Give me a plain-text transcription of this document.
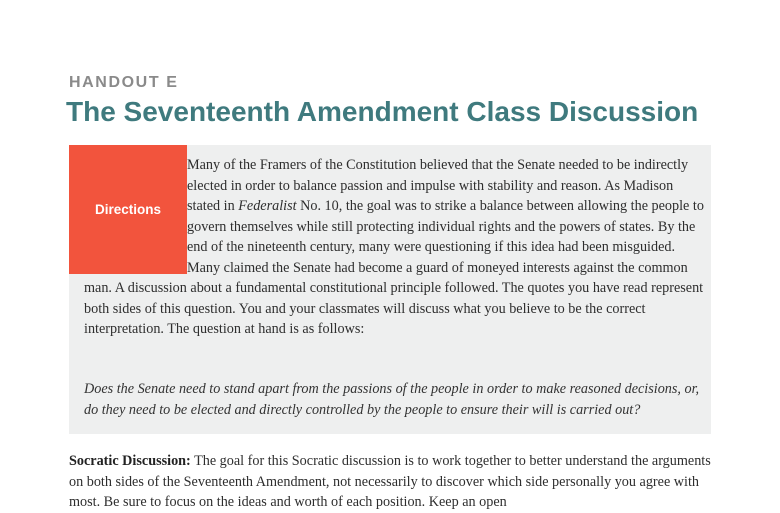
HANDOUT E
The Seventeenth Amendment Class Discussion
Directions
Many of the Framers of the Constitution believed that the Senate needed to be indirectly elected in order to balance passion and impulse with stability and reason. As Madison stated in Federalist No. 10, the goal was to strike a balance between allowing the people to govern themselves while still protecting individual rights and the powers of states. By the end of the nineteenth century, many were questioning if this idea had been misguided. Many claimed the Senate had become a guard of moneyed interests against the common man. A discussion about a fundamental constitutional principle followed. The quotes you have read represent both sides of this question. You and your classmates will discuss what you believe to be the correct interpretation. The question at hand is as follows:
Does the Senate need to stand apart from the passions of the people in order to make reasoned decisions, or, do they need to be elected and directly controlled by the people to ensure their will is carried out?
Socratic Discussion: The goal for this Socratic discussion is to work together to better understand the arguments on both sides of the Seventeenth Amendment, not necessarily to discover which side personally you agree with most. Be sure to focus on the ideas and worth of each position. Keep an open
